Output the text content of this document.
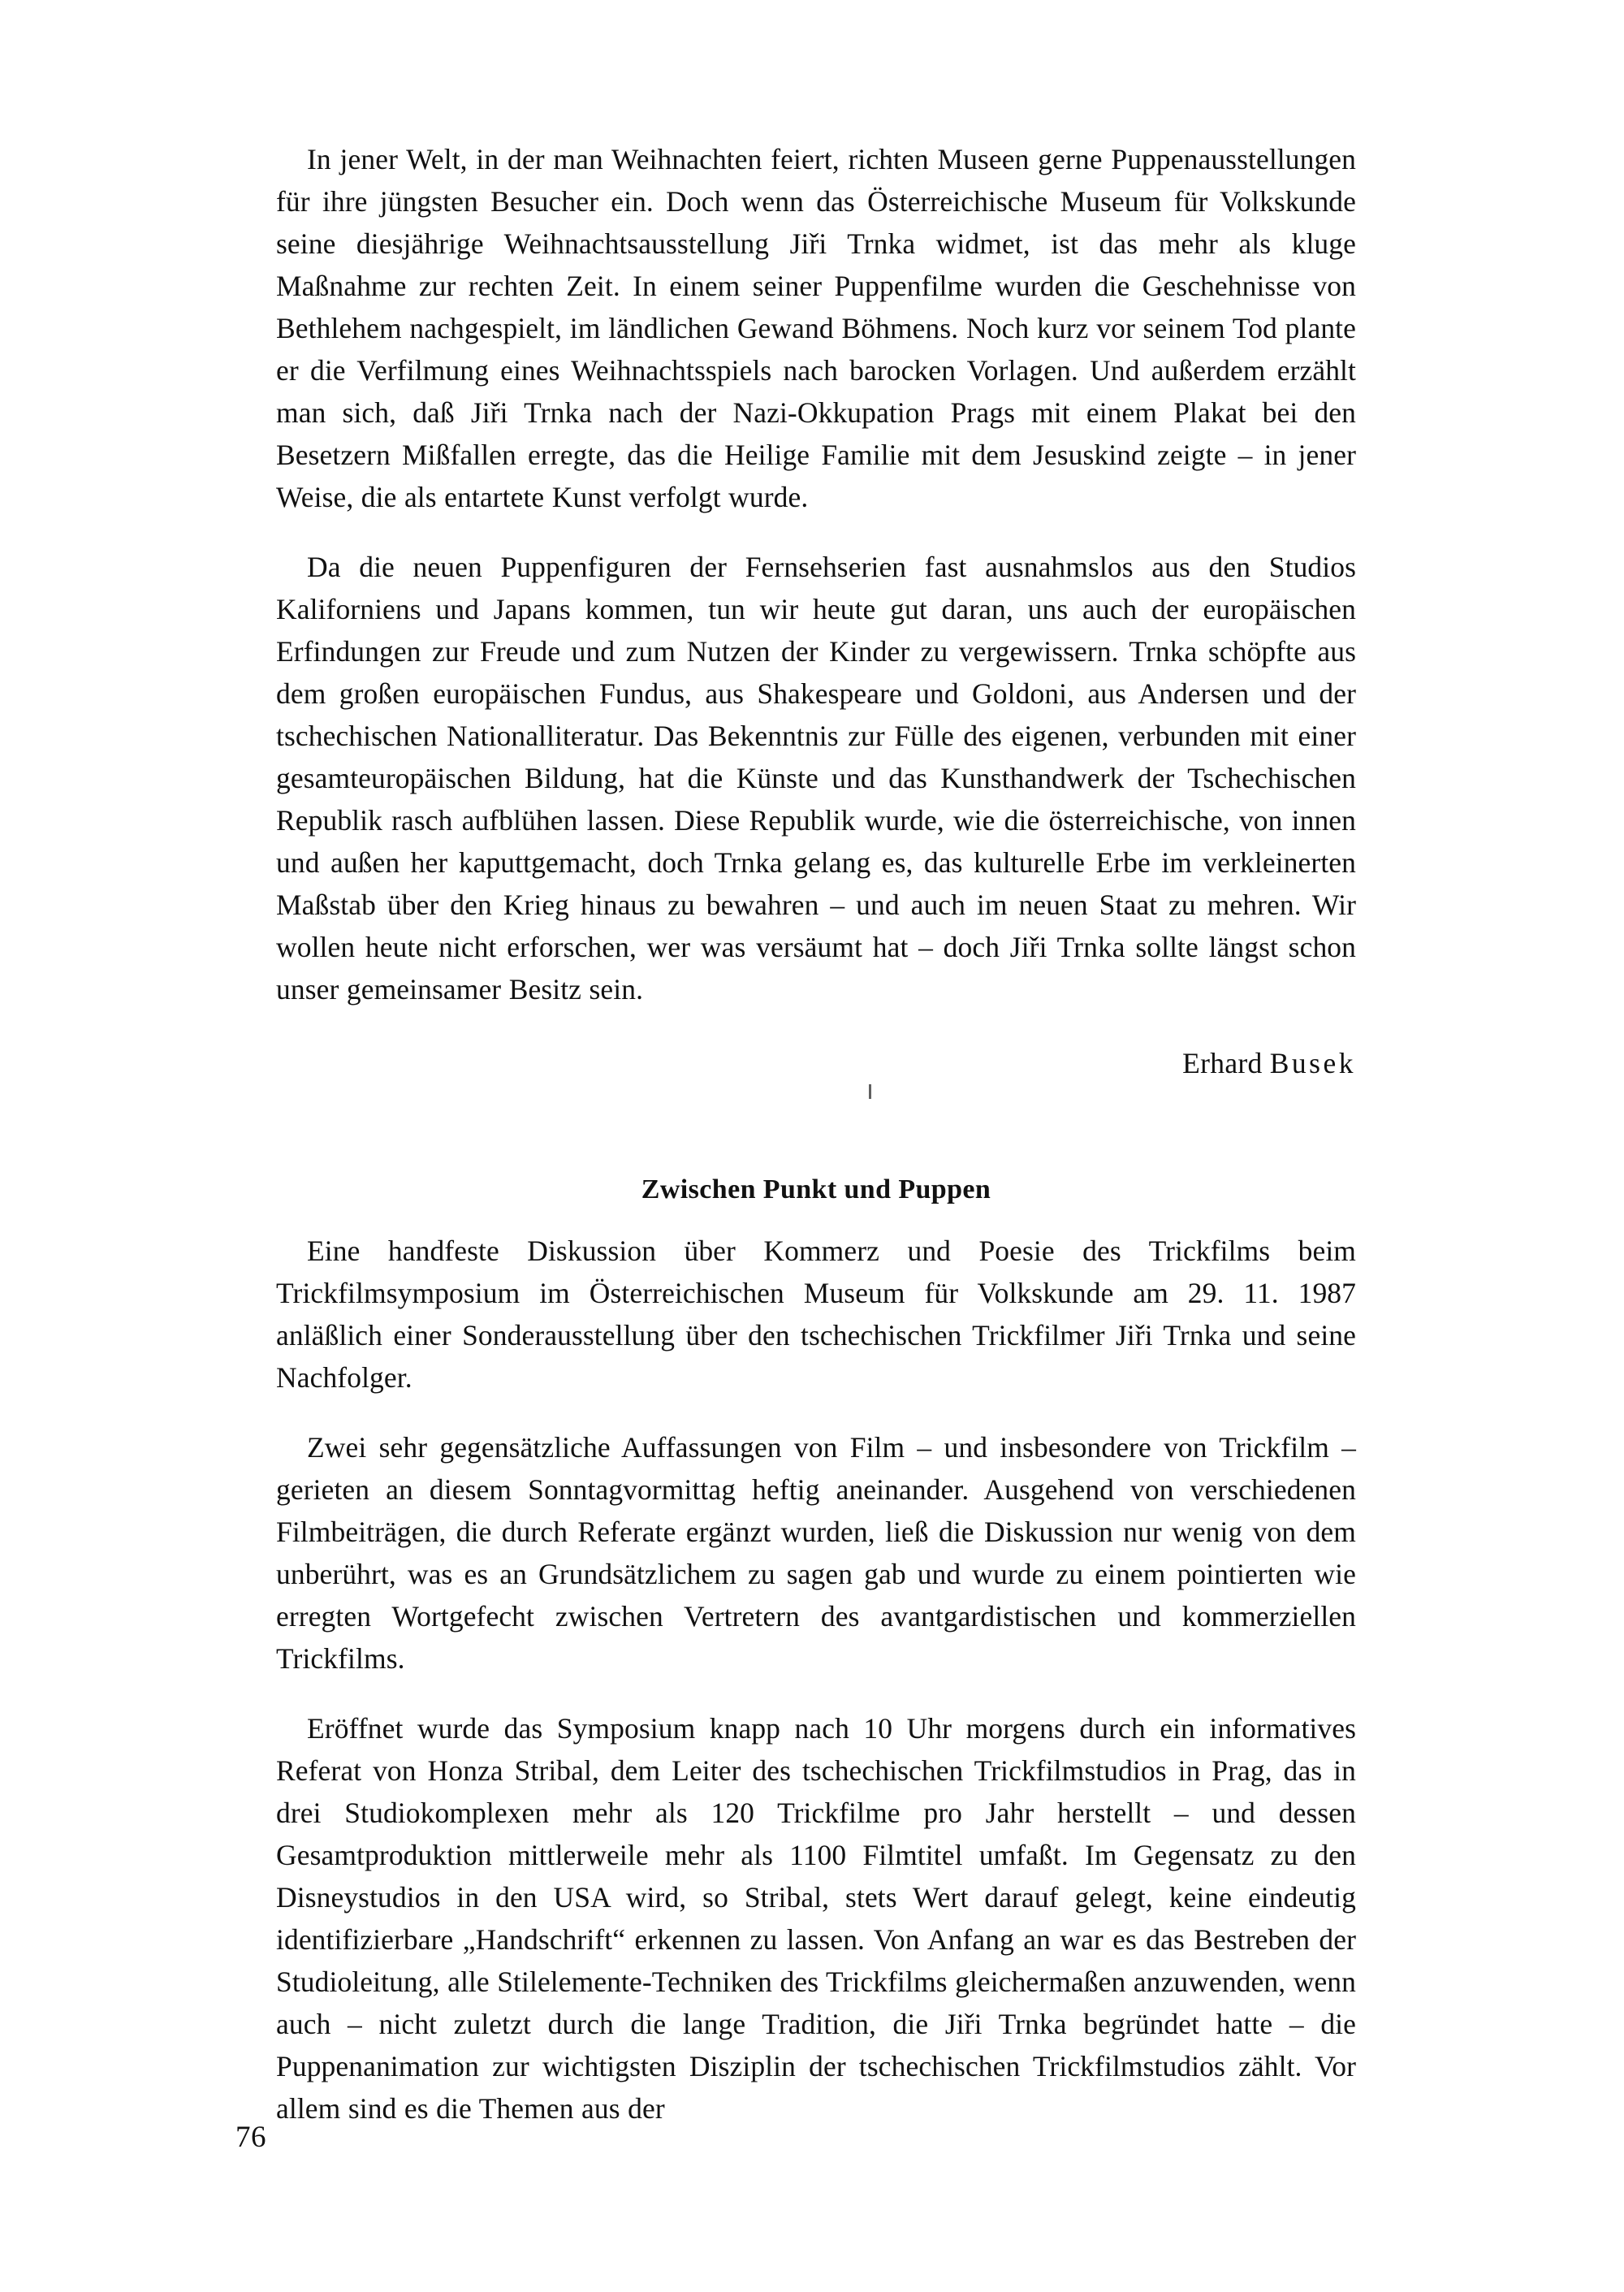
In jener Welt, in der man Weihnachten feiert, richten Museen gerne Puppenausstellungen für ihre jüngsten Besucher ein. Doch wenn das Österreichische Museum für Volkskunde seine diesjährige Weihnachtsausstellung Jiři Trnka widmet, ist das mehr als kluge Maßnahme zur rechten Zeit. In einem seiner Puppenfilme wurden die Geschehnisse von Bethlehem nachgespielt, im ländlichen Gewand Böhmens. Noch kurz vor seinem Tod plante er die Verfilmung eines Weihnachtsspiels nach barocken Vorlagen. Und außerdem erzählt man sich, daß Jiři Trnka nach der Nazi-Okkupation Prags mit einem Plakat bei den Besetzern Mißfallen erregte, das die Heilige Familie mit dem Jesuskind zeigte – in jener Weise, die als entartete Kunst verfolgt wurde.

Da die neuen Puppenfiguren der Fernsehserien fast ausnahmslos aus den Studios Kaliforniens und Japans kommen, tun wir heute gut daran, uns auch der europäischen Erfindungen zur Freude und zum Nutzen der Kinder zu vergewissern. Trnka schöpfte aus dem großen europäischen Fundus, aus Shakespeare und Goldoni, aus Andersen und der tschechischen Nationalliteratur. Das Bekenntnis zur Fülle des eigenen, verbunden mit einer gesamteuropäischen Bildung, hat die Künste und das Kunsthandwerk der Tschechischen Republik rasch aufblühen lassen. Diese Republik wurde, wie die österreichische, von innen und außen her kaputtgemacht, doch Trnka gelang es, das kulturelle Erbe im verkleinerten Maßstab über den Krieg hinaus zu bewahren – und auch im neuen Staat zu mehren. Wir wollen heute nicht erforschen, wer was versäumt hat – doch Jiři Trnka sollte längst schon unser gemeinsamer Besitz sein.

Erhard Busek
Zwischen Punkt und Puppen

Eine handfeste Diskussion über Kommerz und Poesie des Trickfilms beim Trickfilmsymposium im Österreichischen Museum für Volkskunde am 29. 11. 1987 anläßlich einer Sonderausstellung über den tschechischen Trickfilmer Jiři Trnka und seine Nachfolger.

Zwei sehr gegensätzliche Auffassungen von Film – und insbesondere von Trickfilm – gerieten an diesem Sonntagvormittag heftig aneinander. Ausgehend von verschiedenen Filmbeiträgen, die durch Referate ergänzt wurden, ließ die Diskussion nur wenig von dem unberührt, was es an Grundsätzlichem zu sagen gab und wurde zu einem pointierten wie erregten Wortgefecht zwischen Vertretern des avantgardistischen und kommerziellen Trickfilms.

Eröffnet wurde das Symposium knapp nach 10 Uhr morgens durch ein informatives Referat von Honza Stribal, dem Leiter des tschechischen Trickfilmstudios in Prag, das in drei Studiokomplexen mehr als 120 Trickfilme pro Jahr herstellt – und dessen Gesamtproduktion mittlerweile mehr als 1100 Filmtitel umfaßt. Im Gegensatz zu den Disneystudios in den USA wird, so Stribal, stets Wert darauf gelegt, keine eindeutig identifizierbare „Handschrift“ erkennen zu lassen. Von Anfang an war es das Bestreben der Studioleitung, alle Stilelemente-Techniken des Trickfilms gleichermaßen anzuwenden, wenn auch – nicht zuletzt durch die lange Tradition, die Jiři Trnka begründet hatte – die Puppenanimation zur wichtigsten Disziplin der tschechischen Trickfilmstudios zählt. Vor allem sind es die Themen aus der

76
